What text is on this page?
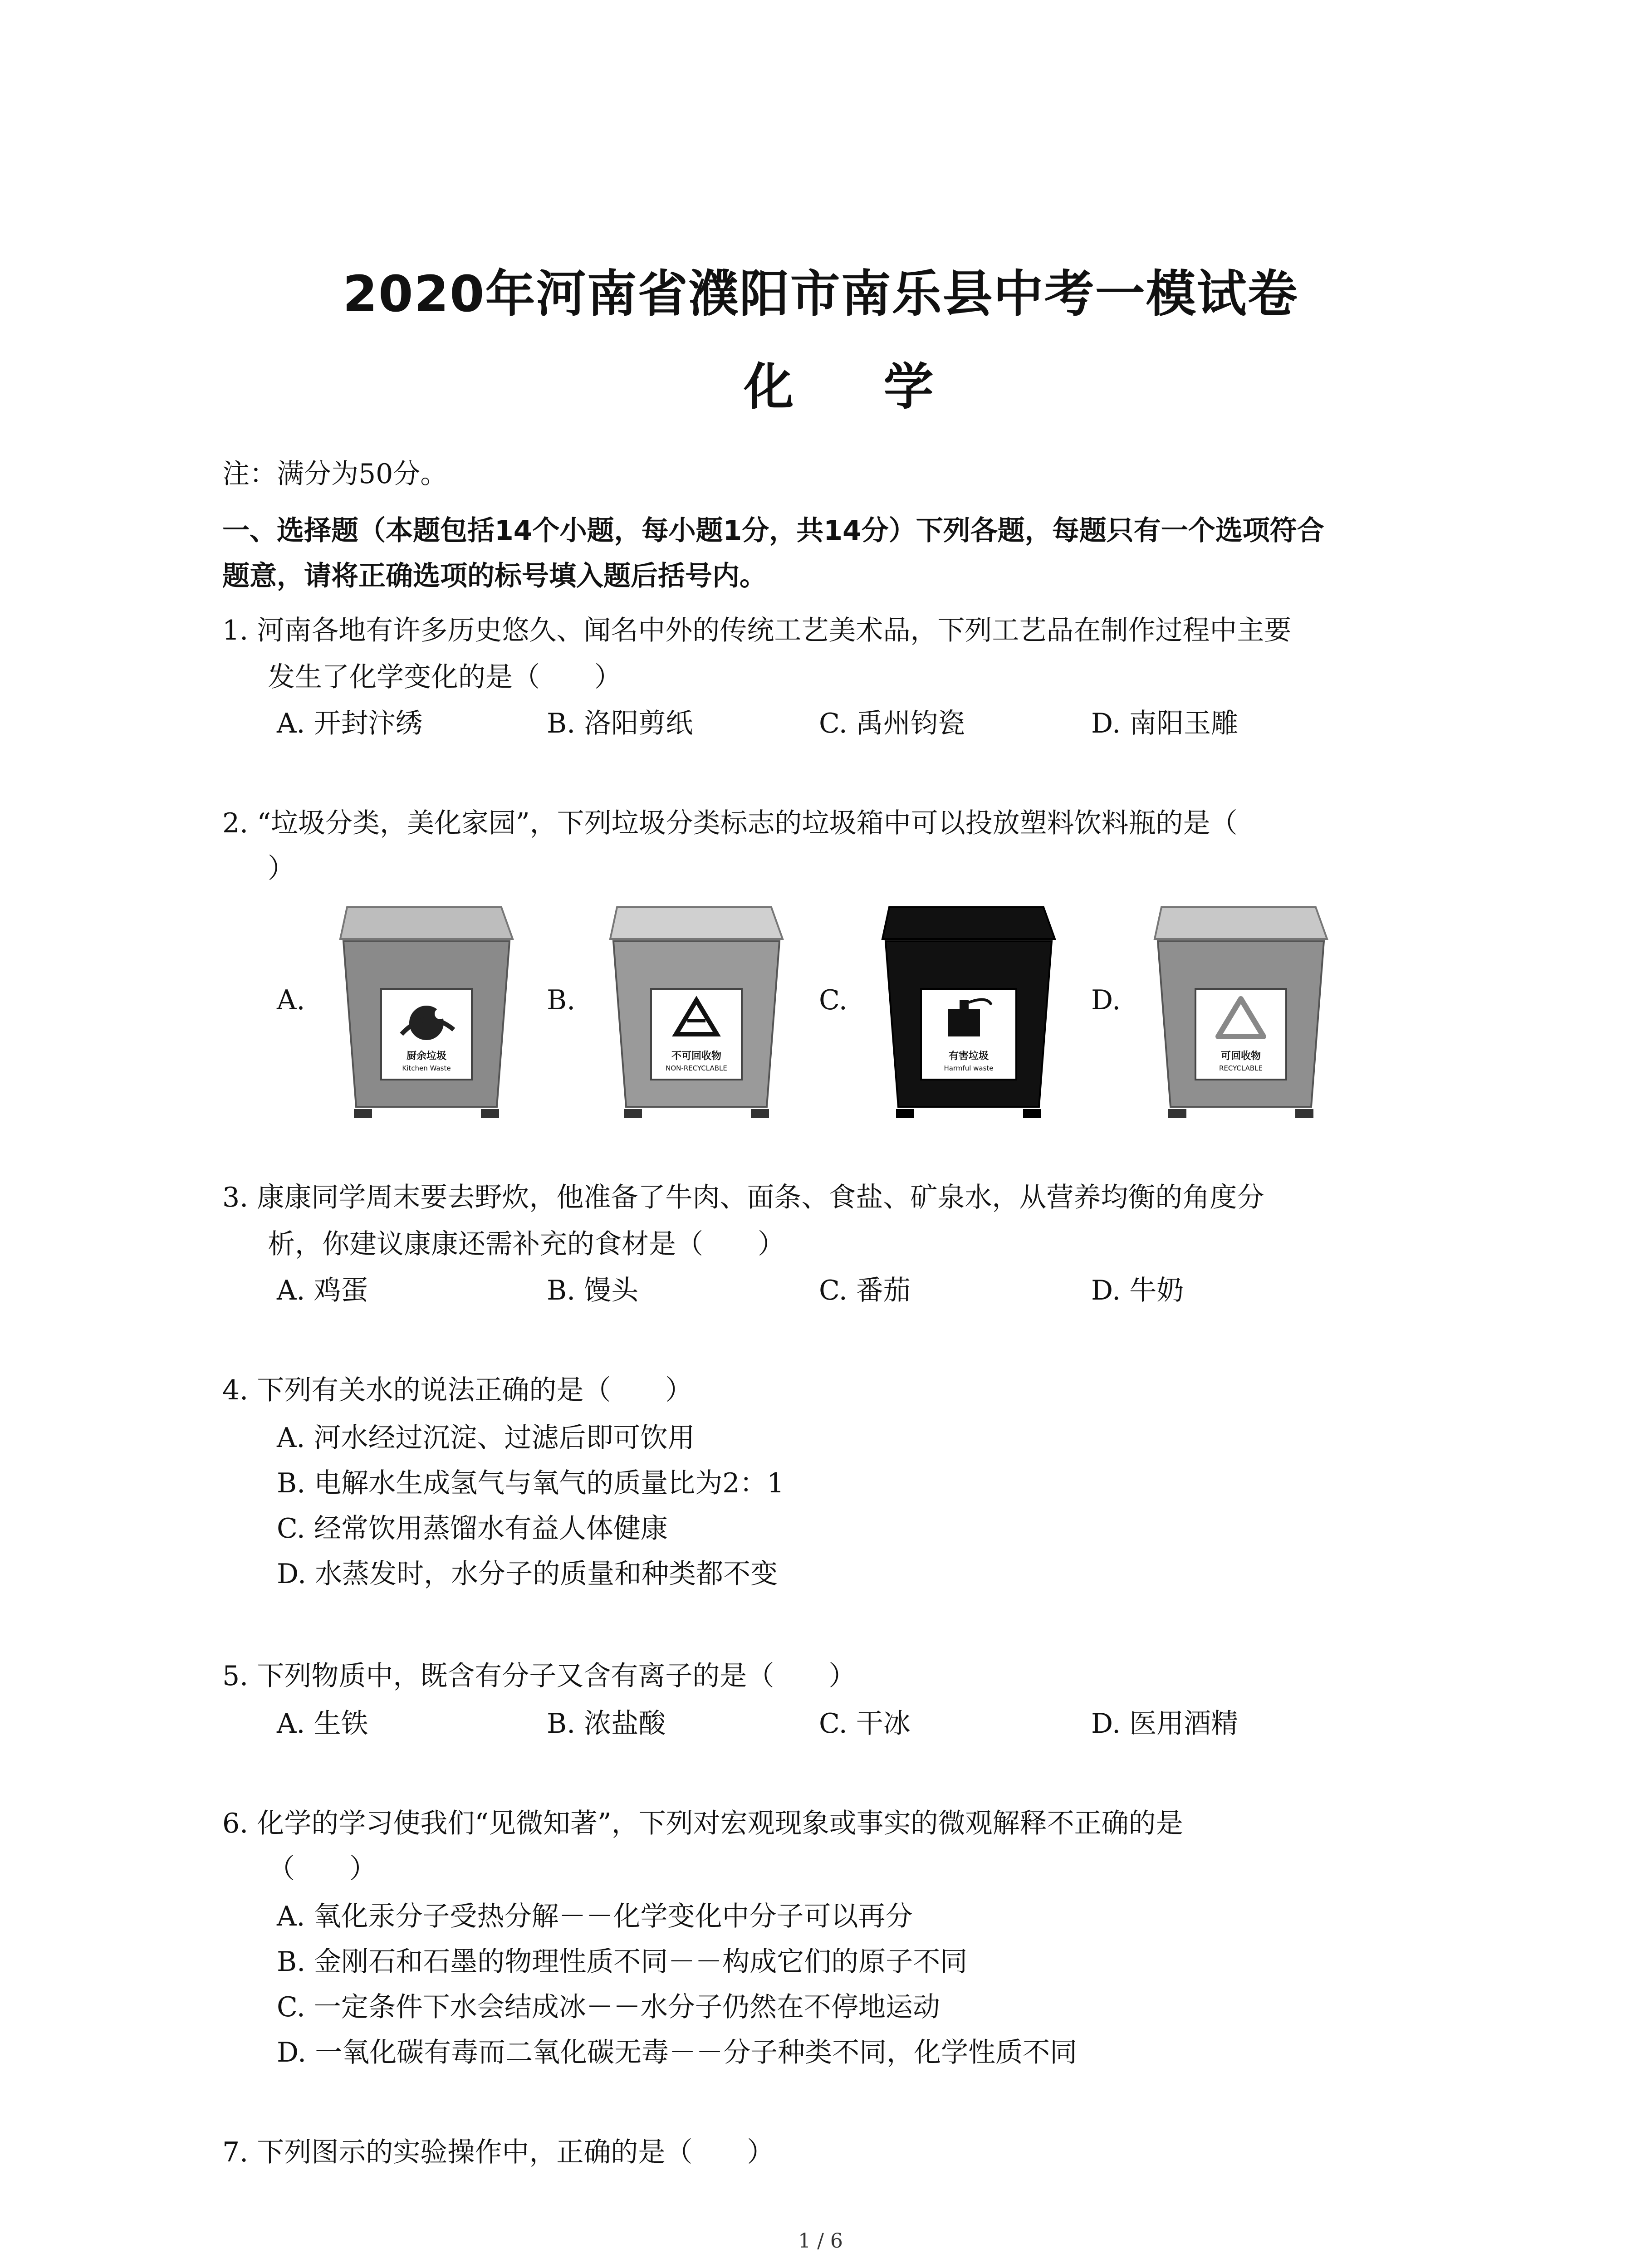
2020年河南省濮阳市南乐县中考一模试卷
化 学
注：满分为50分。
一、选择题（本题包括14个小题，每小题1分，共14分）下列各题，每题只有一个选项符合
题意，请将正确选项的标号填入题后括号内。
1. 河南各地有许多历史悠久、闻名中外的传统工艺美术品，下列工艺品在制作过程中主要
发生了化学变化的是（　　）
A. 开封汴绣	B. 洛阳剪纸	C. 禹州钧瓷	D. 南阳玉雕
2. “垃圾分类，美化家园”，下列垃圾分类标志的垃圾箱中可以投放塑料饮料瓶的是（
）
A.	B.	C.	D.
厨余垃圾
Kitchen Waste
不可回收物
NON-RECYCLABLE
有害垃圾
Harmful waste
可回收物
RECYCLABLE
3. 康康同学周末要去野炊，他准备了牛肉、面条、食盐、矿泉水，从营养均衡的角度分
析，你建议康康还需补充的食材是（　　）
A. 鸡蛋	B. 馒头	C. 番茄	D. 牛奶
4. 下列有关水的说法正确的是（　　）
A. 河水经过沉淀、过滤后即可饮用
B. 电解水生成氢气与氧气的质量比为2：1
C. 经常饮用蒸馏水有益人体健康
D. 水蒸发时，水分子的质量和种类都不变
5. 下列物质中，既含有分子又含有离子的是（　　）
A. 生铁	B. 浓盐酸	C. 干冰	D. 医用酒精
6. 化学的学习使我们“见微知著”，下列对宏观现象或事实的微观解释不正确的是
（　　）
A. 氧化汞分子受热分解－－化学变化中分子可以再分
B. 金刚石和石墨的物理性质不同－－构成它们的原子不同
C. 一定条件下水会结成冰－－水分子仍然在不停地运动
D. 一氧化碳有毒而二氧化碳无毒－－分子种类不同，化学性质不同
7. 下列图示的实验操作中，正确的是（　　）
1 / 6
